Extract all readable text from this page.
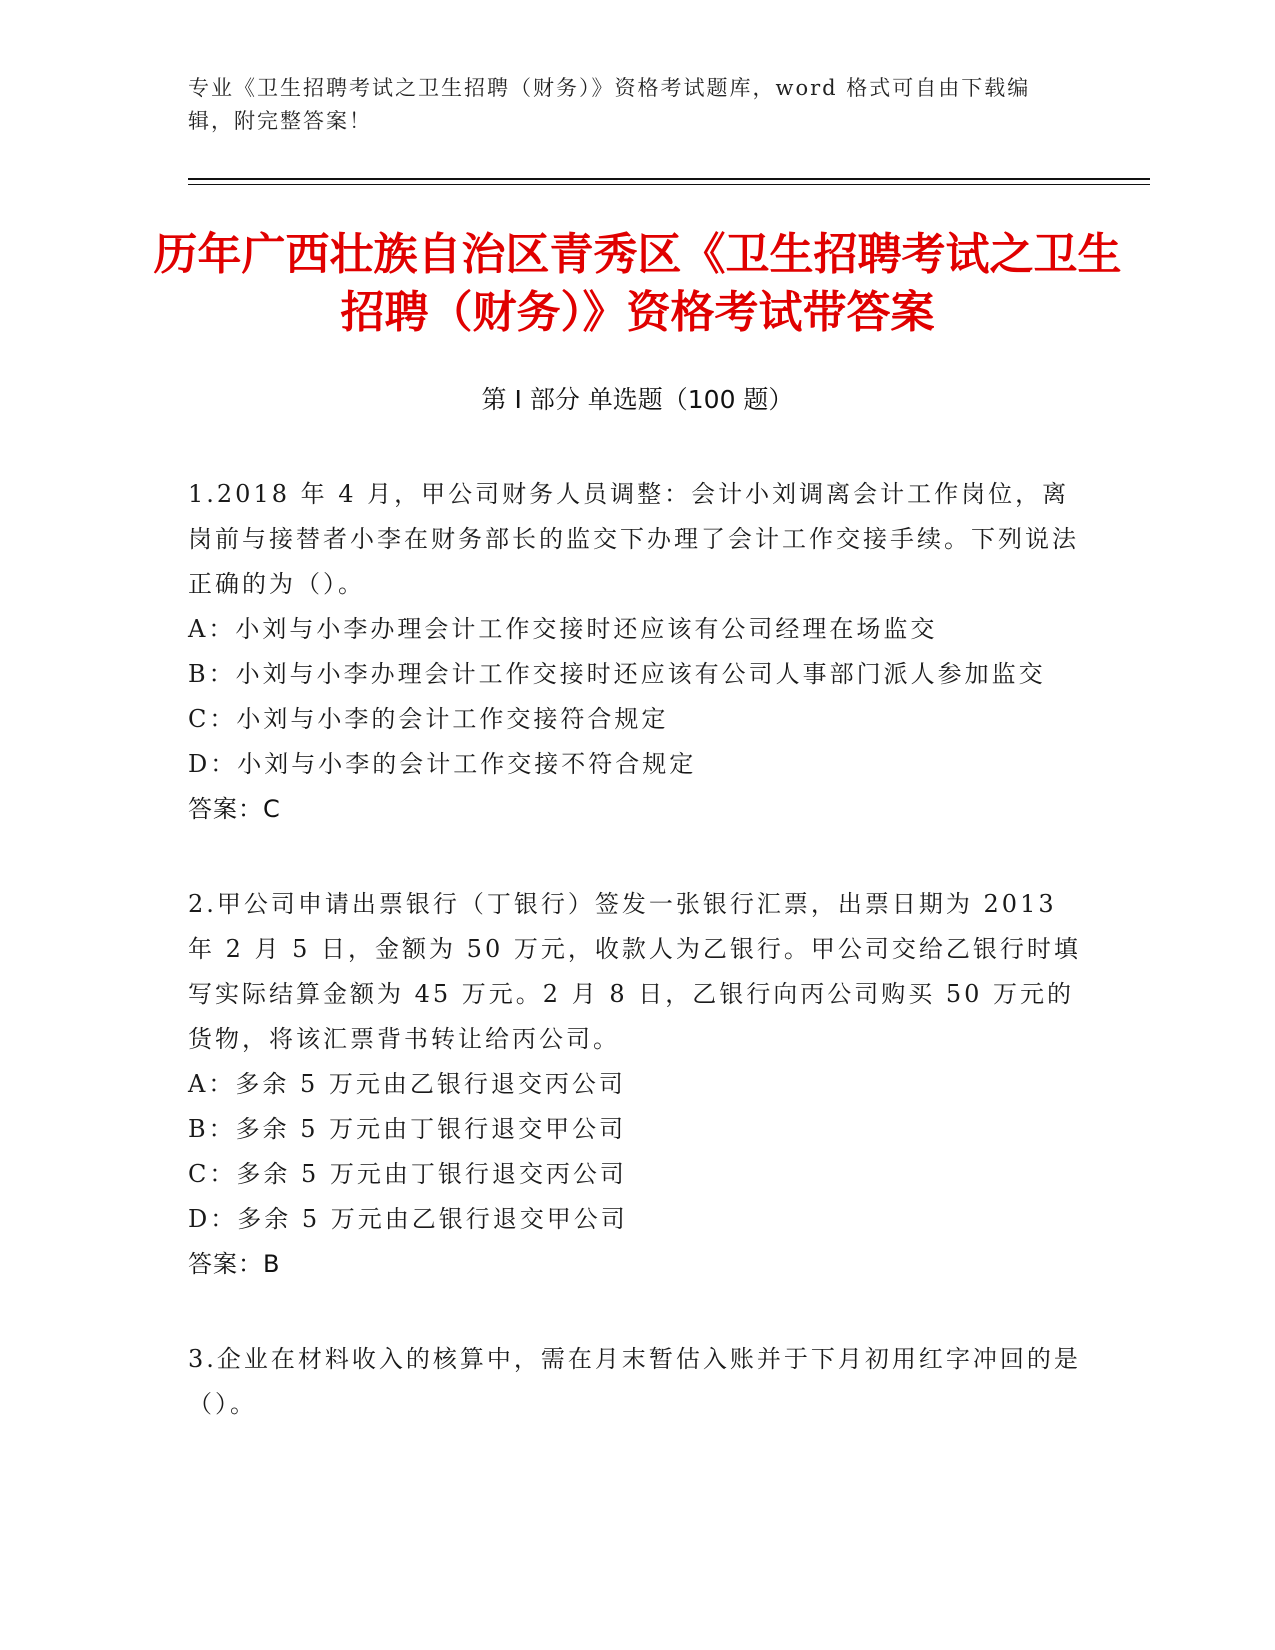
专业《卫生招聘考试之卫生招聘（财务）》资格考试题库，word 格式可自由下载编辑，附完整答案！
历年广西壮族自治区青秀区《卫生招聘考试之卫生招聘（财务）》资格考试带答案
第 I 部分 单选题（100 题）
1.2018 年 4 月，甲公司财务人员调整：会计小刘调离会计工作岗位，离岗前与接替者小李在财务部长的监交下办理了会计工作交接手续。下列说法正确的为（）。
A：小刘与小李办理会计工作交接时还应该有公司经理在场监交
B：小刘与小李办理会计工作交接时还应该有公司人事部门派人参加监交
C：小刘与小李的会计工作交接符合规定
D：小刘与小李的会计工作交接不符合规定
答案：C
2.甲公司申请出票银行（丁银行）签发一张银行汇票，出票日期为 2013 年 2 月 5 日，金额为 50 万元，收款人为乙银行。甲公司交给乙银行时填写实际结算金额为 45 万元。2 月 8 日，乙银行向丙公司购买 50 万元的货物，将该汇票背书转让给丙公司。
A：多余 5 万元由乙银行退交丙公司
B：多余 5 万元由丁银行退交甲公司
C：多余 5 万元由丁银行退交丙公司
D：多余 5 万元由乙银行退交甲公司
答案：B
3.企业在材料收入的核算中，需在月末暂估入账并于下月初用红字冲回的是（）。
